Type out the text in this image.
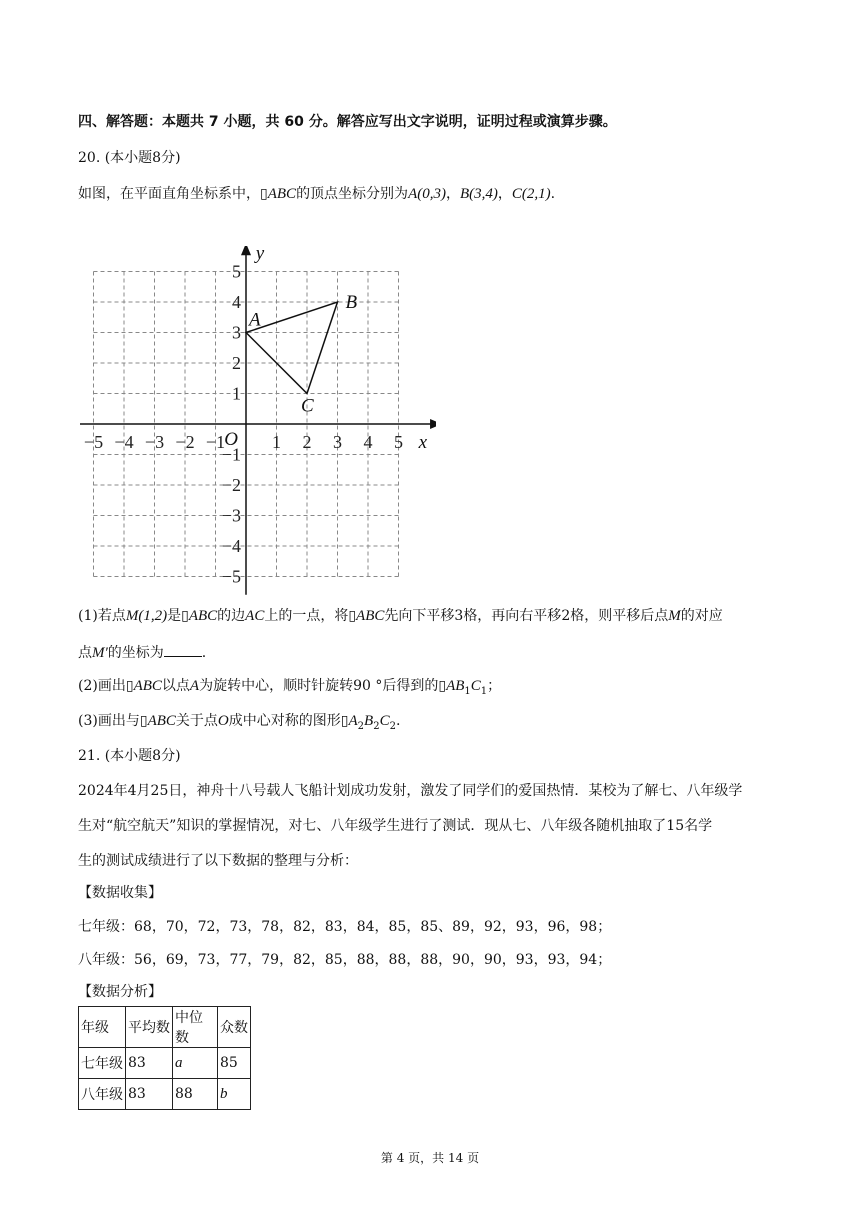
四、解答题：本题共 7 小题，共 60 分。解答应写出文字说明，证明过程或演算步骤。
20. (本小题8分)
如图，在平面直角坐标系中，▯ABC的顶点坐标分别为A(0,3)，B(3,4)，C(2,1).
−5 −4 −3 −2 −1	1 2 3 4 5
5
4
3
2
1
−1
−2
−3
−4
−5
x
y
O
A
B
C
(1)若点M(1,2)是▯ABC的边AC上的一点，将▯ABC先向下平移3格，再向右平移2格，则平移后点M的对应
点M′的坐标为	.
(2)画出▯ABC以点A为旋转中心，顺时针旋转90 °后得到的$▯AB_1C_1$；
(3)画出与▯ABC关于点O成中心对称的图形$▯A_2B_2C_2$.
21. (本小题8分)
2024年4月25日，神舟十八号载人飞船计划成功发射，激发了同学们的爱国热情．某校为了解七、八年级学
生对“航空航天”知识的掌握情况，对七、八年级学生进行了测试．现从七、八年级各随机抽取了15名学
生的测试成绩进行了以下数据的整理与分析：
【数据收集】
七年级：68，70，72，73，78，82，83，84，85，85、89，92，93，96，98；
八年级：56，69，73，77，79，82，85，88，88，88，90，90，93，93，94；
【数据分析】
年级	平均数	中位数	众数
七年级	83	a	85
八年级	83	88	b
第 4 页，共 14 页
